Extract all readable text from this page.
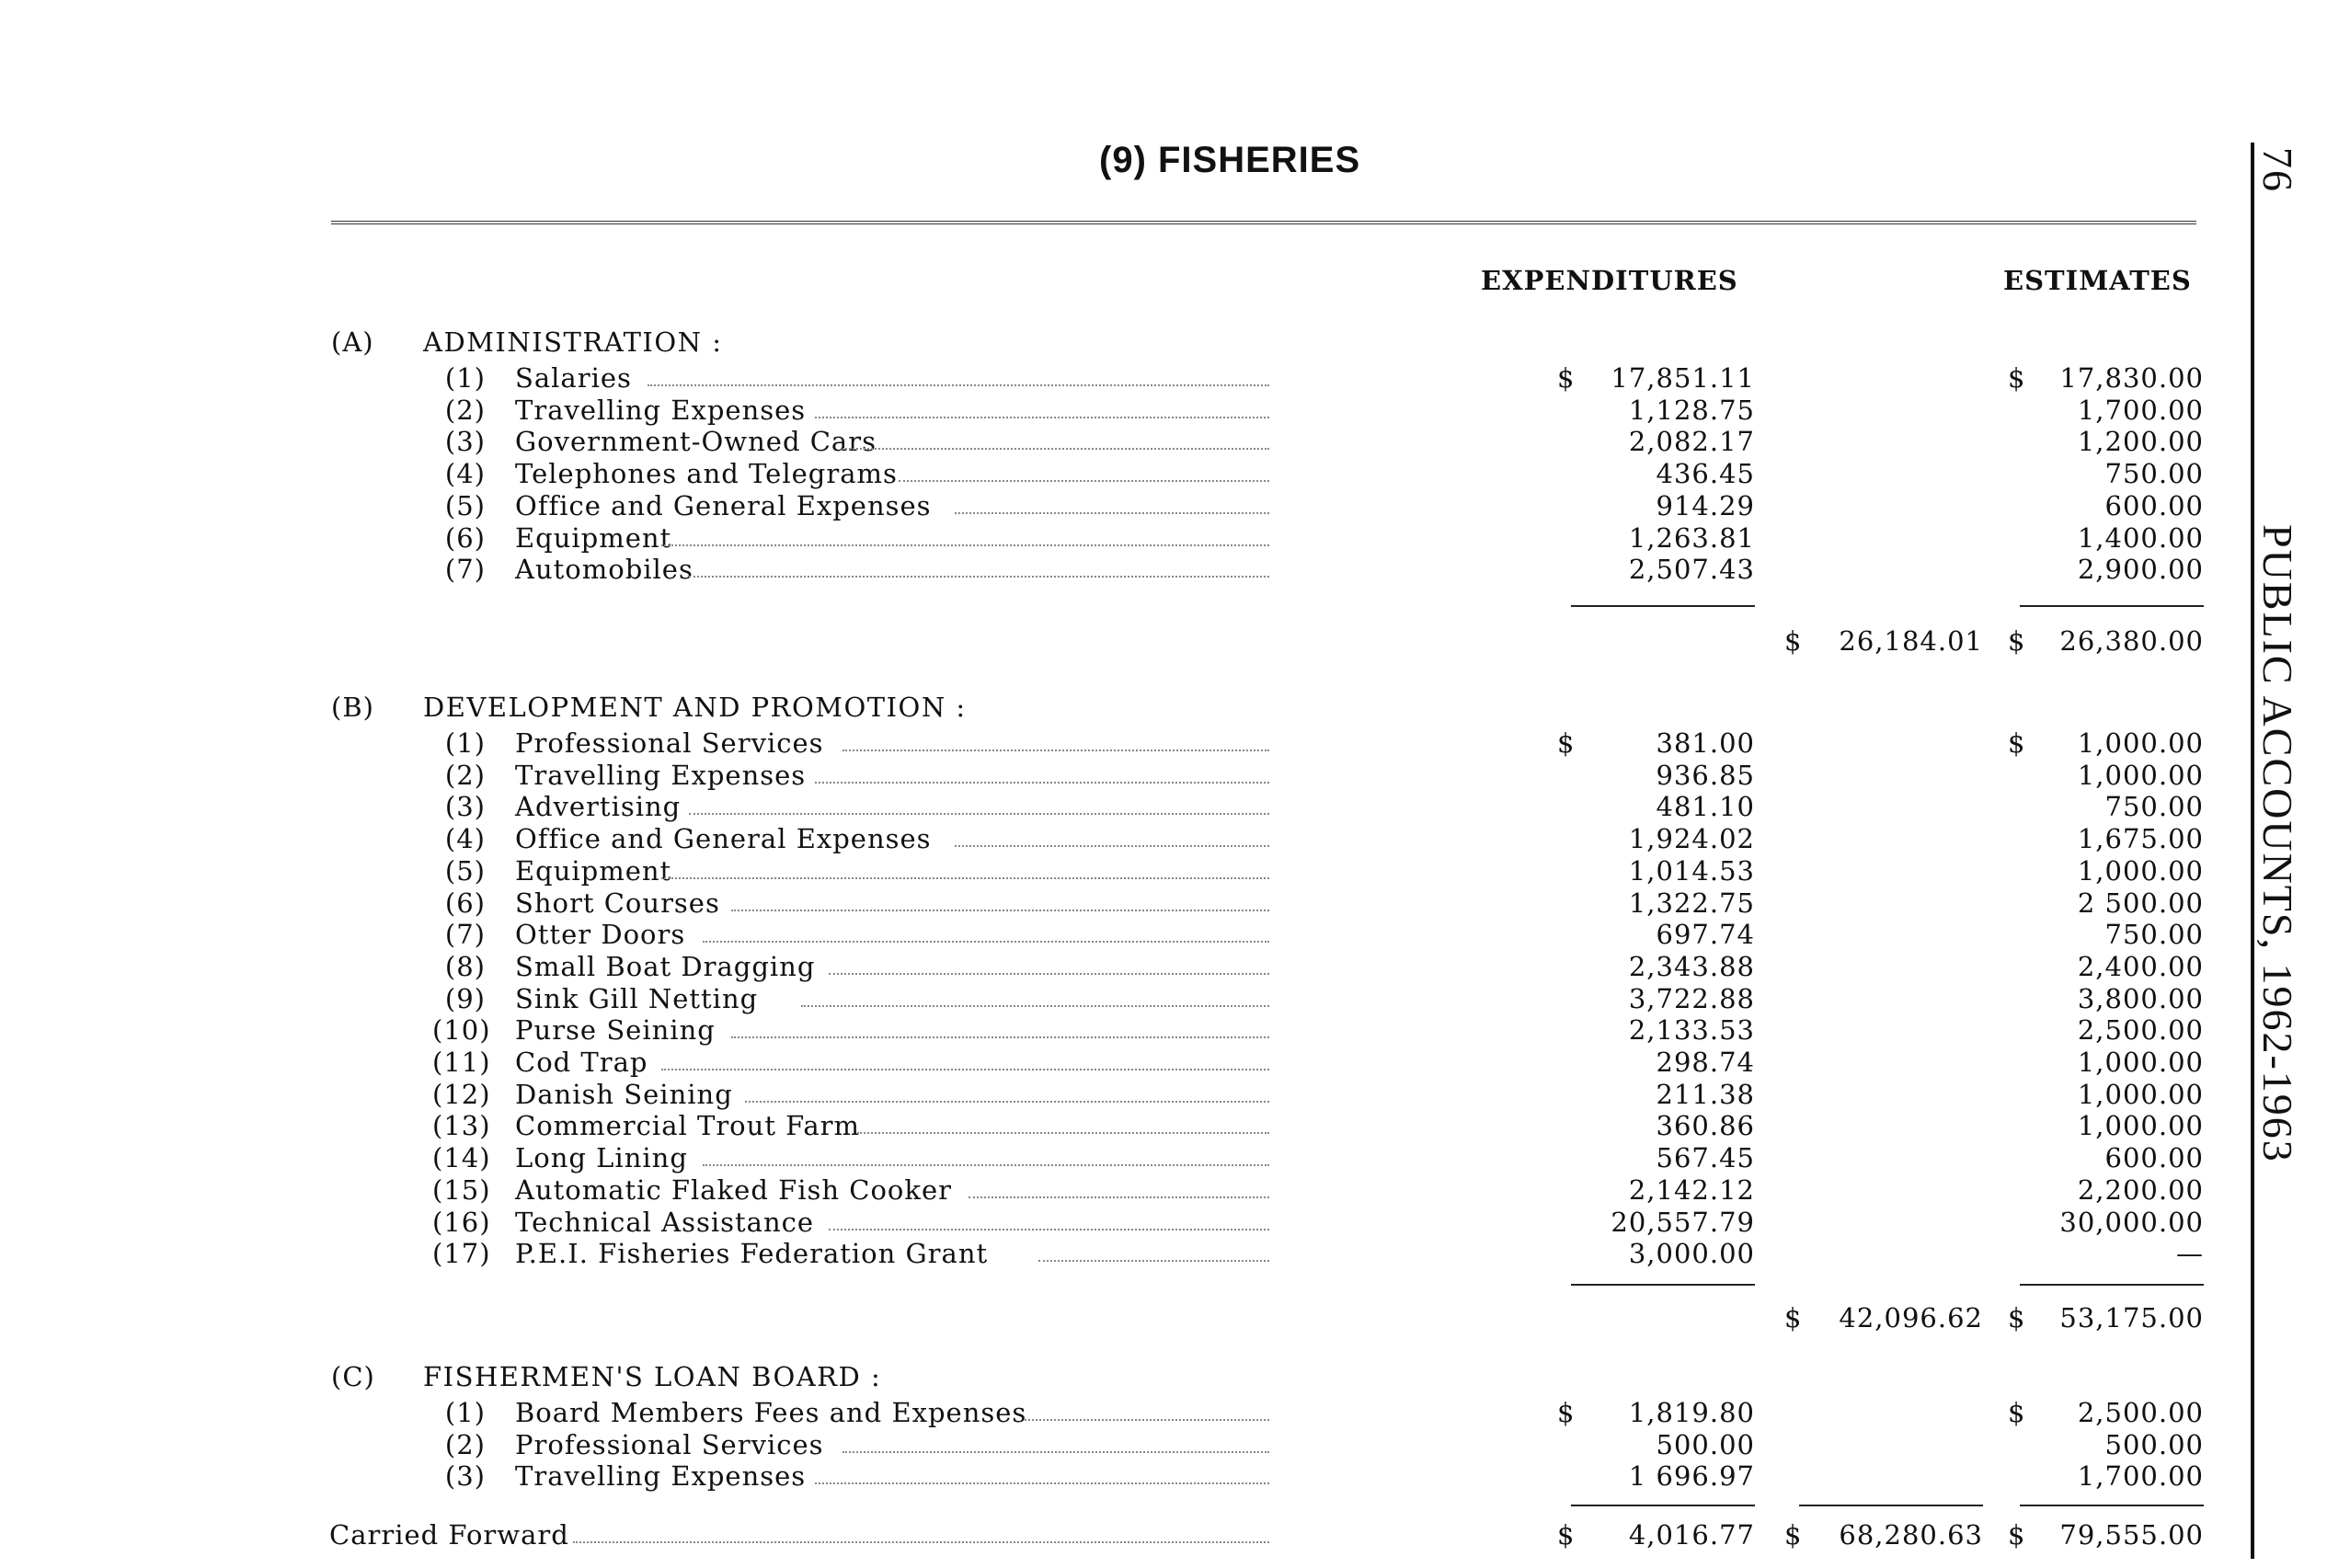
(9) FISHERIES
EXPENDITURES	ESTIMATES
76
PUBLIC ACCOUNTS, 1962-1963
(A) ADMINISTRATION :
(1) Salaries	$	17,851.11	$	17,830.00
(2) Travelling Expenses	1,128.75	1,700.00
(3) Government-Owned Cars	2,082.17	1,200.00
(4) Telephones and Telegrams	436.45	750.00
(5) Office and General Expenses	914.29	600.00
(6) Equipment	1,263.81	1,400.00
(7) Automobiles	2,507.43	2,900.00
$	26,184.01 $	26,380.00
(B) DEVELOPMENT AND PROMOTION :
(1) Professional Services	$	381.00	$	1,000.00
(2) Travelling Expenses	936.85	1,000.00
(3) Advertising	481.10	750.00
(4) Office and General Expenses	1,924.02	1,675.00
(5) Equipment	1,014.53	1,000.00
(6) Short Courses	1,322.75	2 500.00
(7) Otter Doors	697.74	750.00
(8) Small Boat Dragging	2,343.88	2,400.00
(9) Sink Gill Netting	3,722.88	3,800.00
(10) Purse Seining	2,133.53	2,500.00
(11) Cod Trap	298.74	1,000.00
(12) Danish Seining	211.38	1,000.00
(13) Commercial Trout Farm	360.86	1,000.00
(14) Long Lining	567.45	600.00
(15) Automatic Flaked Fish Cooker	2,142.12	2,200.00
(16) Technical Assistance	20,557.79	30,000.00
(17) P.E.I. Fisheries Federation Grant	3,000.00	—
$	42,096.62 $	53,175.00
(C) FISHERMEN'S LOAN BOARD :
(1) Board Members Fees and Expenses	$	1,819.80	$	2,500.00
(2) Professional Services	500.00	500.00
(3) Travelling Expenses	1 696.97	1,700.00
Carried Forward	$	4,016.77 $	68,280.63 $	79,555.00
